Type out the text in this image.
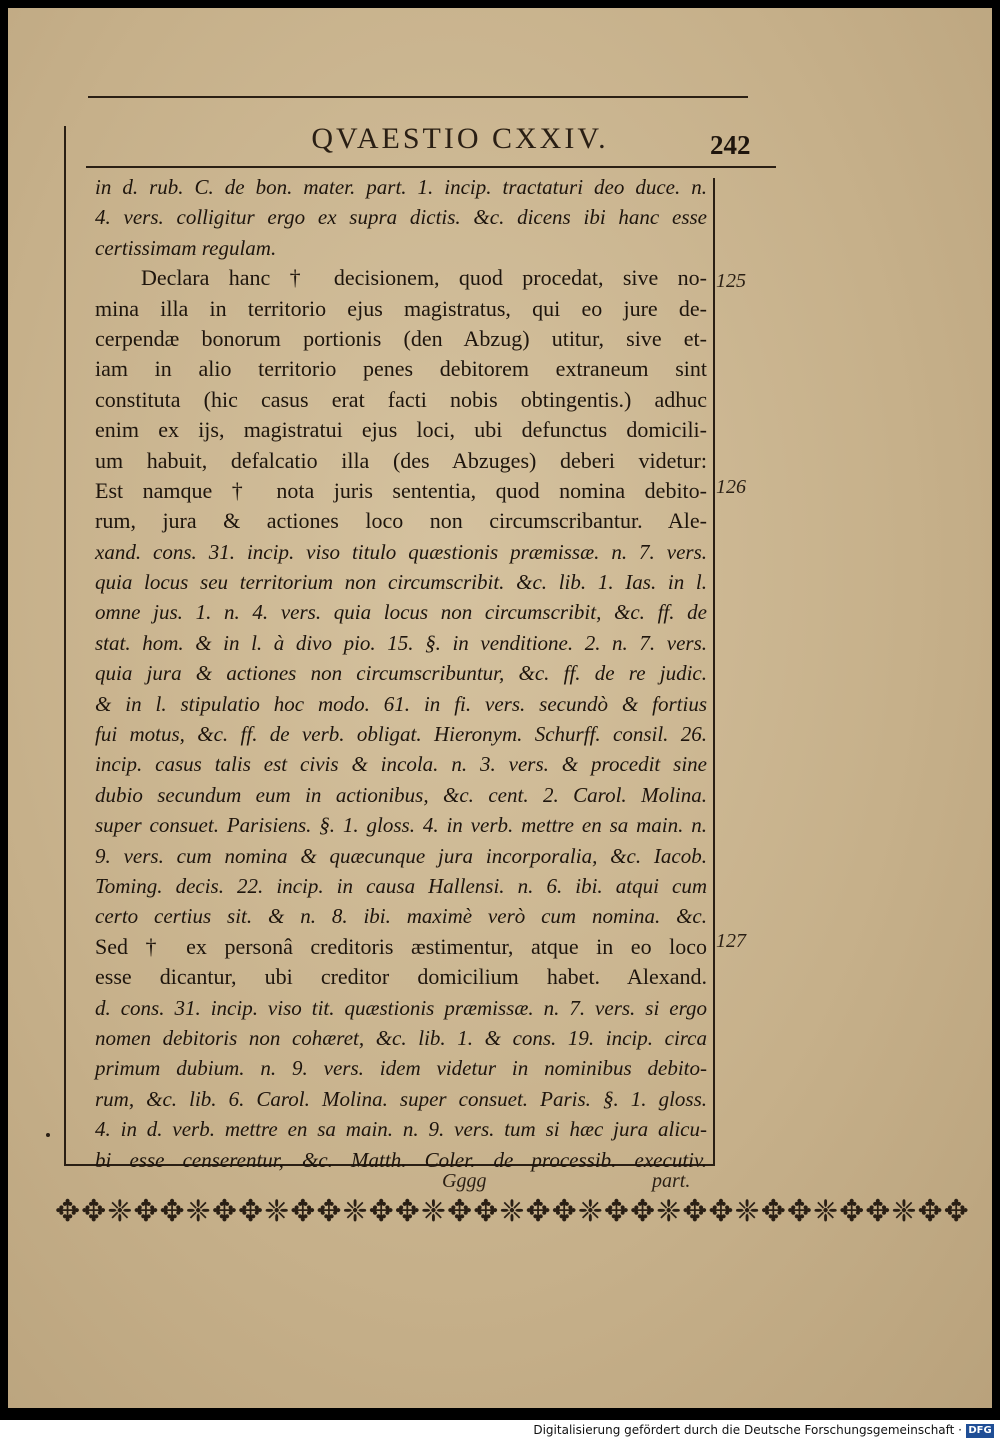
QVAESTIO CXXIV.	242
in d. rub. C. de bon. mater. part. 1. incip. tractaturi deo duce. n.
4. vers. colligitur ergo ex supra dictis. &c. dicens ibi hanc esse
certissimam regulam.
Declara hanc † decisionem, quod procedat, sive no-
mina illa in territorio ejus magistratus, qui eo jure de-
cerpendæ bonorum portionis (den Abzug) utitur, sive et-
iam in alio territorio penes debitorem extraneum sint
constituta (hic casus erat facti nobis obtingentis.) adhuc
enim ex ijs, magistratui ejus loci, ubi defunctus domicili-
um habuit, defalcatio illa (des Abzuges) deberi videtur:
Est namque † nota juris sententia, quod nomina debito-
rum, jura & actiones loco non circumscribantur. Ale-
xand. cons. 31. incip. viso titulo quæstionis præmissæ. n. 7. vers.
quia locus seu territorium non circumscribit. &c. lib. 1. Ias. in l.
omne jus. 1. n. 4. vers. quia locus non circumscribit, &c. ff. de
stat. hom. & in l. à divo pio. 15. §. in venditione. 2. n. 7. vers.
quia jura & actiones non circumscribuntur, &c. ff. de re judic.
& in l. stipulatio hoc modo. 61. in fi. vers. secundò & fortius
fui motus, &c. ff. de verb. obligat. Hieronym. Schurff. consil. 26.
incip. casus talis est civis & incola. n. 3. vers. & procedit sine
dubio secundum eum in actionibus, &c. cent. 2. Carol. Molina.
super consuet. Parisiens. §. 1. gloss. 4. in verb. mettre en sa main. n.
9. vers. cum nomina & quæcunque jura incorporalia, &c. Iacob.
Toming. decis. 22. incip. in causa Hallensi. n. 6. ibi. atqui cum
certo certius sit. & n. 8. ibi. maximè verò cum nomina. &c.
Sed † ex personâ creditoris æstimentur, atque in eo loco
esse dicantur, ubi creditor domicilium habet. Alexand.
d. cons. 31. incip. viso tit. quæstionis præmissæ. n. 7. vers. si ergo
nomen debitoris non cohæret, &c. lib. 1. & cons. 19. incip. circa
primum dubium. n. 9. vers. idem videtur in nominibus debito-
rum, &c. lib. 6. Carol. Molina. super consuet. Paris. §. 1. gloss.
4. in d. verb. mettre en sa main. n. 9. vers. tum si hæc jura alicu-
bi esse censerentur, &c. Matth. Coler. de processib. executiv.
125
126
127
Gggg	part.
✥✥❈✥✥❈✥✥❈✥✥❈✥✥❈✥✥❈✥✥❈✥✥❈✥✥❈✥✥❈✥✥❈✥✥
Digitalisierung gefördert durch die Deutsche Forschungsgemeinschaft · DFG
